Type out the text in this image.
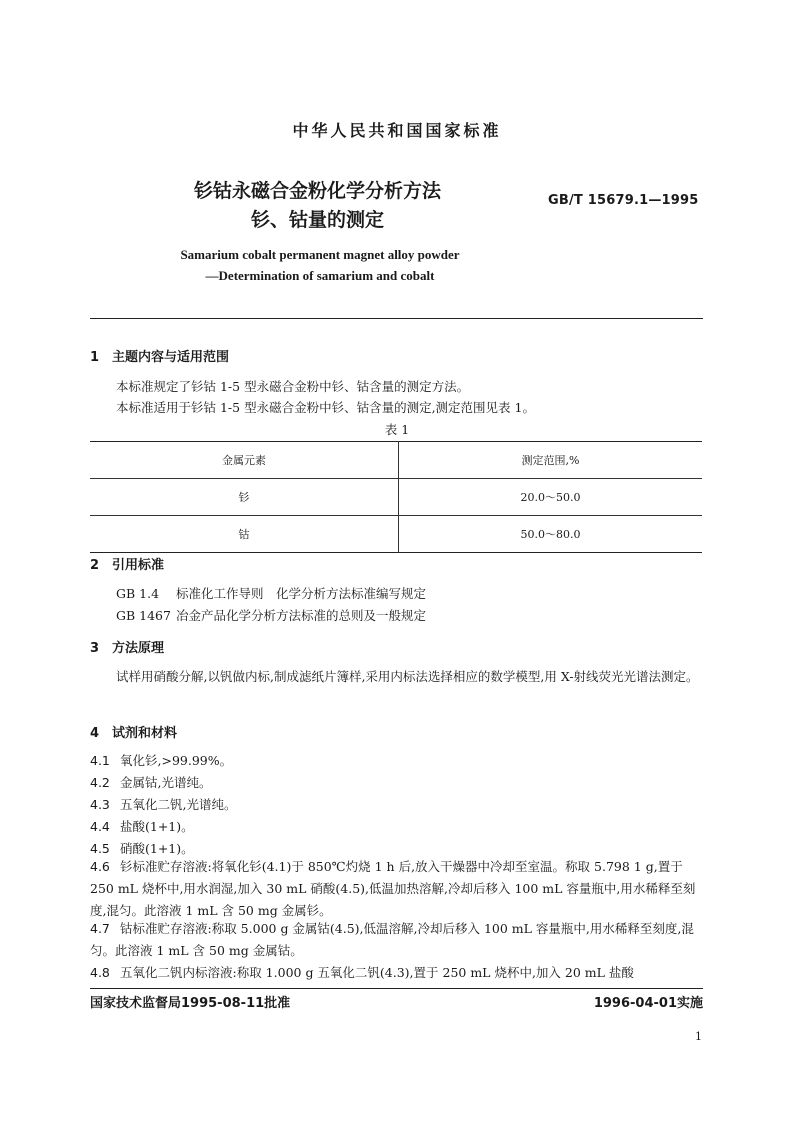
中华人民共和国国家标准
钐钴永磁合金粉化学分析方法
钐、钴量的测定
GB/T 15679.1—1995
Samarium cobalt permanent magnet alloy powder
—Determination of samarium and cobalt
1 主题内容与适用范围
本标准规定了钐钴 1-5 型永磁合金粉中钐、钴含量的测定方法。
本标准适用于钐钴 1-5 型永磁合金粉中钐、钴含量的测定,测定范围见表 1。
表 1
金属元素	测定范围,%
钐	20.0～50.0
钴	50.0～80.0
2 引用标准
GB 1.4 标准化工作导则　化学分析方法标准编写规定
GB 1467 冶金产品化学分析方法标准的总则及一般规定
3 方法原理
试样用硝酸分解,以钒做内标,制成滤纸片簿样,采用内标法选择相应的数学模型,用 X-射线荧光光谱法测定。
4 试剂和材料
4.1 氧化钐,>99.99%。
4.2 金属钴,光谱纯。
4.3 五氧化二钒,光谱纯。
4.4 盐酸(1+1)。
4.5 硝酸(1+1)。
4.6 钐标准贮存溶液:将氧化钐(4.1)于 850℃灼烧 1 h 后,放入干燥器中冷却至室温。称取 5.798 1 g,置于 250 mL 烧杯中,用水润湿,加入 30 mL 硝酸(4.5),低温加热溶解,冷却后移入 100 mL 容量瓶中,用水稀释至刻度,混匀。此溶液 1 mL 含 50 mg 金属钐。
4.7 钴标准贮存溶液:称取 5.000 g 金属钴(4.5),低温溶解,冷却后移入 100 mL 容量瓶中,用水稀释至刻度,混匀。此溶液 1 mL 含 50 mg 金属钴。
4.8 五氧化二钒内标溶液:称取 1.000 g 五氧化二钒(4.3),置于 250 mL 烧杯中,加入 20 mL 盐酸
国家技术监督局1995-08-11批准	1996-04-01实施
1
